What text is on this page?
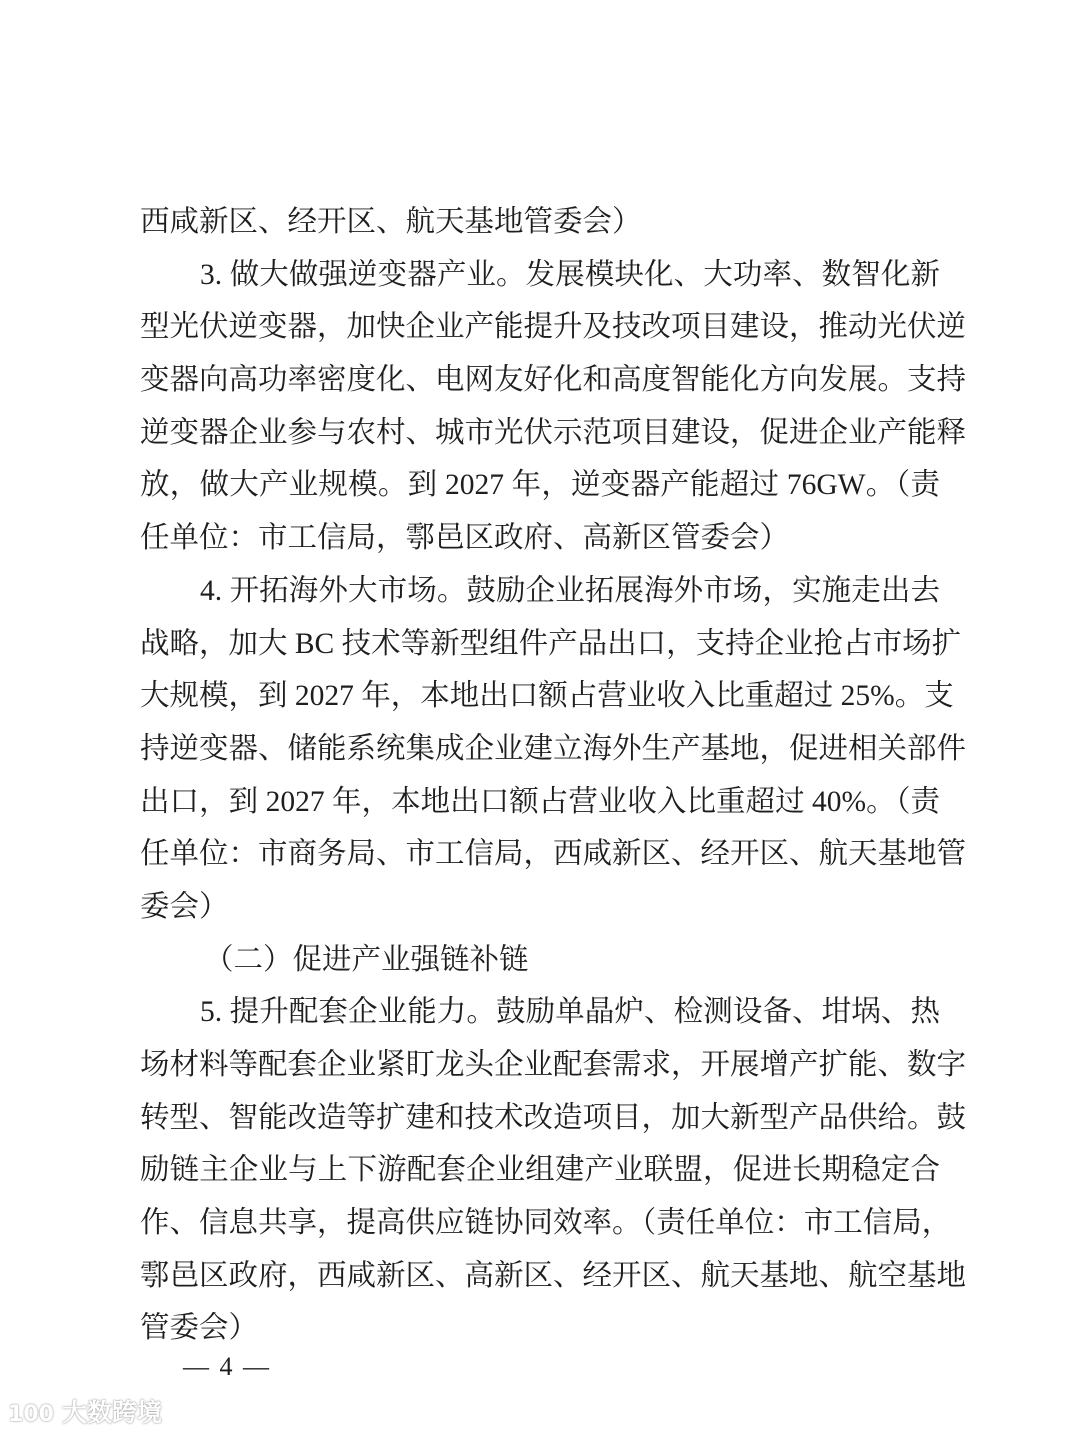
西咸新区、经开区、航天基地管委会）
3. 做大做强逆变器产业。发展模块化、大功率、数智化新
型光伏逆变器，加快企业产能提升及技改项目建设，推动光伏逆
变器向高功率密度化、电网友好化和高度智能化方向发展。支持
逆变器企业参与农村、城市光伏示范项目建设，促进企业产能释
放，做大产业规模。到 2027 年，逆变器产能超过 76GW。（责
任单位：市工信局，鄠邑区政府、高新区管委会）
4. 开拓海外大市场。鼓励企业拓展海外市场，实施走出去
战略，加大 BC 技术等新型组件产品出口，支持企业抢占市场扩
大规模，到 2027 年，本地出口额占营业收入比重超过 25%。支
持逆变器、储能系统集成企业建立海外生产基地，促进相关部件
出口，到 2027 年，本地出口额占营业收入比重超过 40%。（责
任单位：市商务局、市工信局，西咸新区、经开区、航天基地管
委会）
（二）促进产业强链补链
5. 提升配套企业能力。鼓励单晶炉、检测设备、坩埚、热
场材料等配套企业紧盯龙头企业配套需求，开展增产扩能、数字
转型、智能改造等扩建和技术改造项目，加大新型产品供给。鼓
励链主企业与上下游配套企业组建产业联盟，促进长期稳定合
作、信息共享，提高供应链协同效率。（责任单位：市工信局，
鄠邑区政府，西咸新区、高新区、经开区、航天基地、航空基地
管委会）
— 4 —
100 大数跨境
